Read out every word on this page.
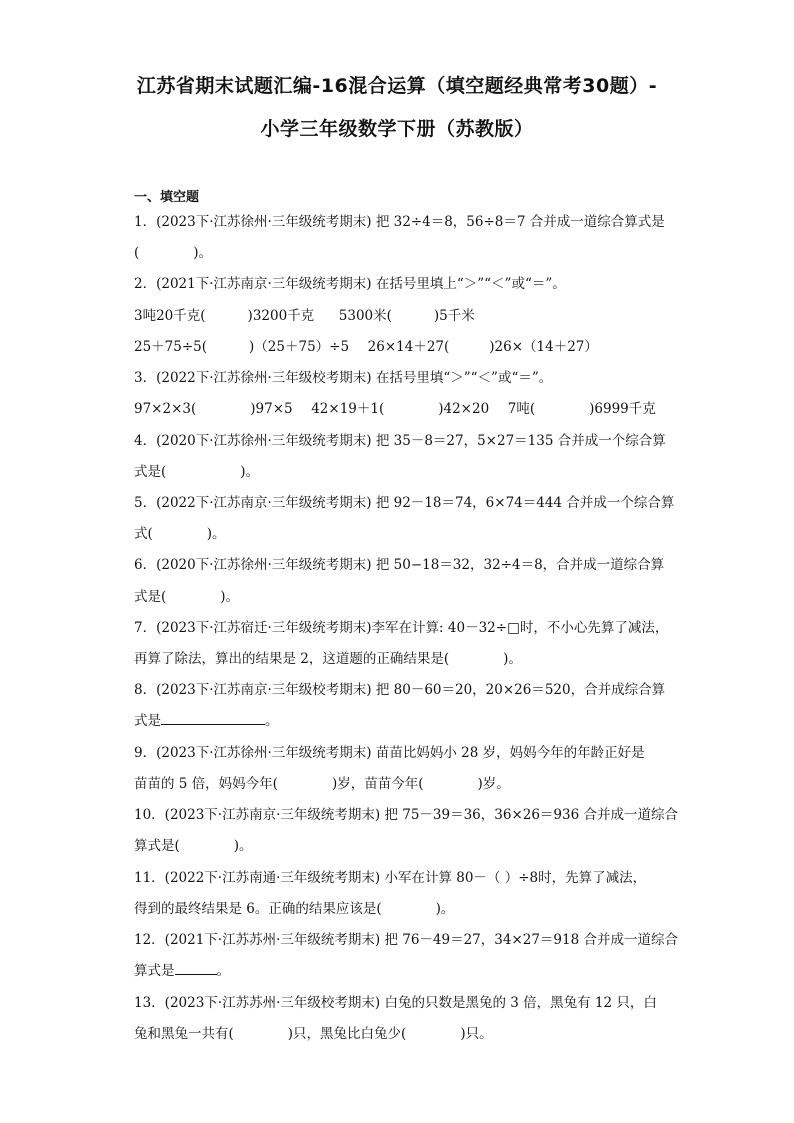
江苏省期末试题汇编-16混合运算（填空题经典常考30题）-
小学三年级数学下册（苏教版）
一、填空题
1．(2023下·江苏徐州·三年级统考期末) 把 32÷4＝8，56÷8＝7 合并成一道综合算式是
(	)。
2．(2021下·江苏南京·三年级统考期末) 在括号里填上“＞”“＜”或“＝”。
3吨20千克(	)3200千克 5300米(	)5千米
25＋75÷5(	)（25＋75）÷5 26×14＋27(	)26×（14＋27）
3．(2022下·江苏徐州·三年级校考期末) 在括号里填“＞”“＜”或“＝”。
97×2×3(	)97×5 42×19＋1(	)42×20 7吨(	)6999千克
4．(2020下·江苏徐州·三年级统考期末) 把 35－8＝27，5×27＝135 合并成一个综合算
式是(	)。
5．(2022下·江苏南京·三年级统考期末) 把 92－18＝74，6×74＝444 合并成一个综合算
式(	)。
6．(2020下·江苏徐州·三年级统考期末) 把 50−18＝32，32÷4＝8，合并成一道综合算
式是(	)。
7．(2023下·江苏宿迁·三年级统考期末)李军在计算: 40－32÷□时，不小心先算了减法，
再算了除法，算出的结果是 2，这道题的正确结果是(	)。
8．(2023下·江苏南京·三年级校考期末) 把 80－60＝20，20×26＝520，合并成综合算
式是	。
9．(2023下·江苏徐州·三年级统考期末) 苗苗比妈妈小 28 岁，妈妈今年的年龄正好是
苗苗的 5 倍，妈妈今年(	)岁，苗苗今年(	)岁。
10．(2023下·江苏南京·三年级统考期末) 把 75－39＝36，36×26＝936 合并成一道综合
算式是(	)。
11．(2022下·江苏南通·三年级统考期末) 小军在计算 80－（ ）÷8时，先算了减法，
得到的最终结果是 6。正确的结果应该是(	)。
12．(2021下·江苏苏州·三年级统考期末) 把 76－49＝27，34×27＝918 合并成一道综合
算式是	。
13．(2023下·江苏苏州·三年级校考期末) 白兔的只数是黑兔的 3 倍，黑兔有 12 只，白
兔和黑兔一共有(	)只，黑兔比白兔少(	)只。
